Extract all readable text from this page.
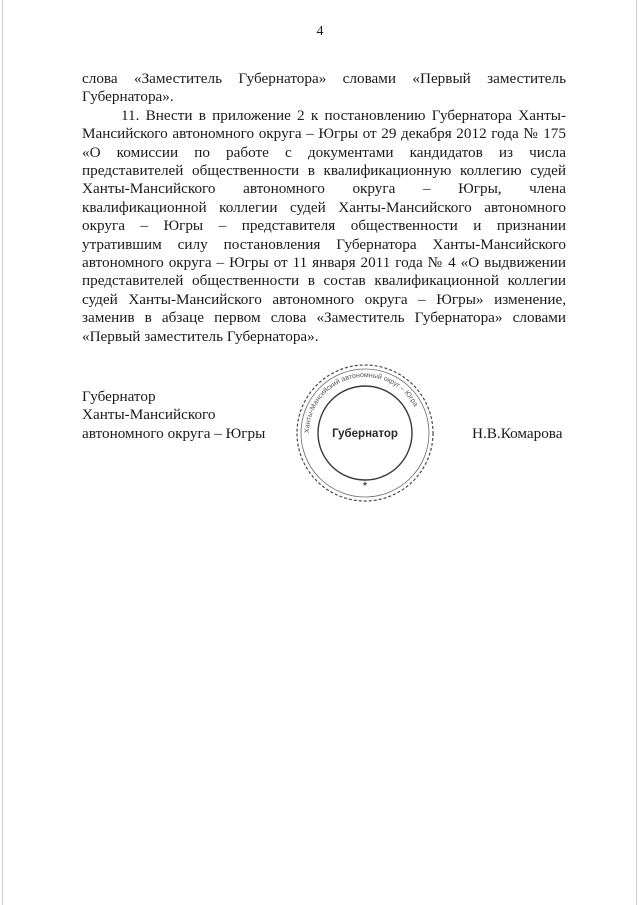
4

слова «Заместитель Губернатора» словами «Первый заместитель Губернатора».

11. Внести в приложение 2 к постановлению Губернатора Ханты-Мансийского автономного округа – Югры от 29 декабря 2012 года № 175 «О комиссии по работе с документами кандидатов из числа представителей общественности в квалификационную коллегию судей Ханты-Мансийского автономного округа – Югры, члена квалификационной коллегии судей Ханты-Мансийского автономного округа – Югры – представителя общественности и признании утратившим силу постановления Губернатора Ханты-Мансийского автономного округа – Югры от 11 января 2011 года № 4 «О выдвижении представителей общественности в состав квалификационной коллегии судей Ханты-Мансийского автономного округа – Югры» изменение, заменив в абзаце первом слова «Заместитель Губернатора» словами «Первый заместитель Губернатора».

Губернатор
Ханты-Мансийского
автономного округа – Югры	Ханты-Мансийский автономный округ – Югра
Губернатор
★
Н.В.Комарова
